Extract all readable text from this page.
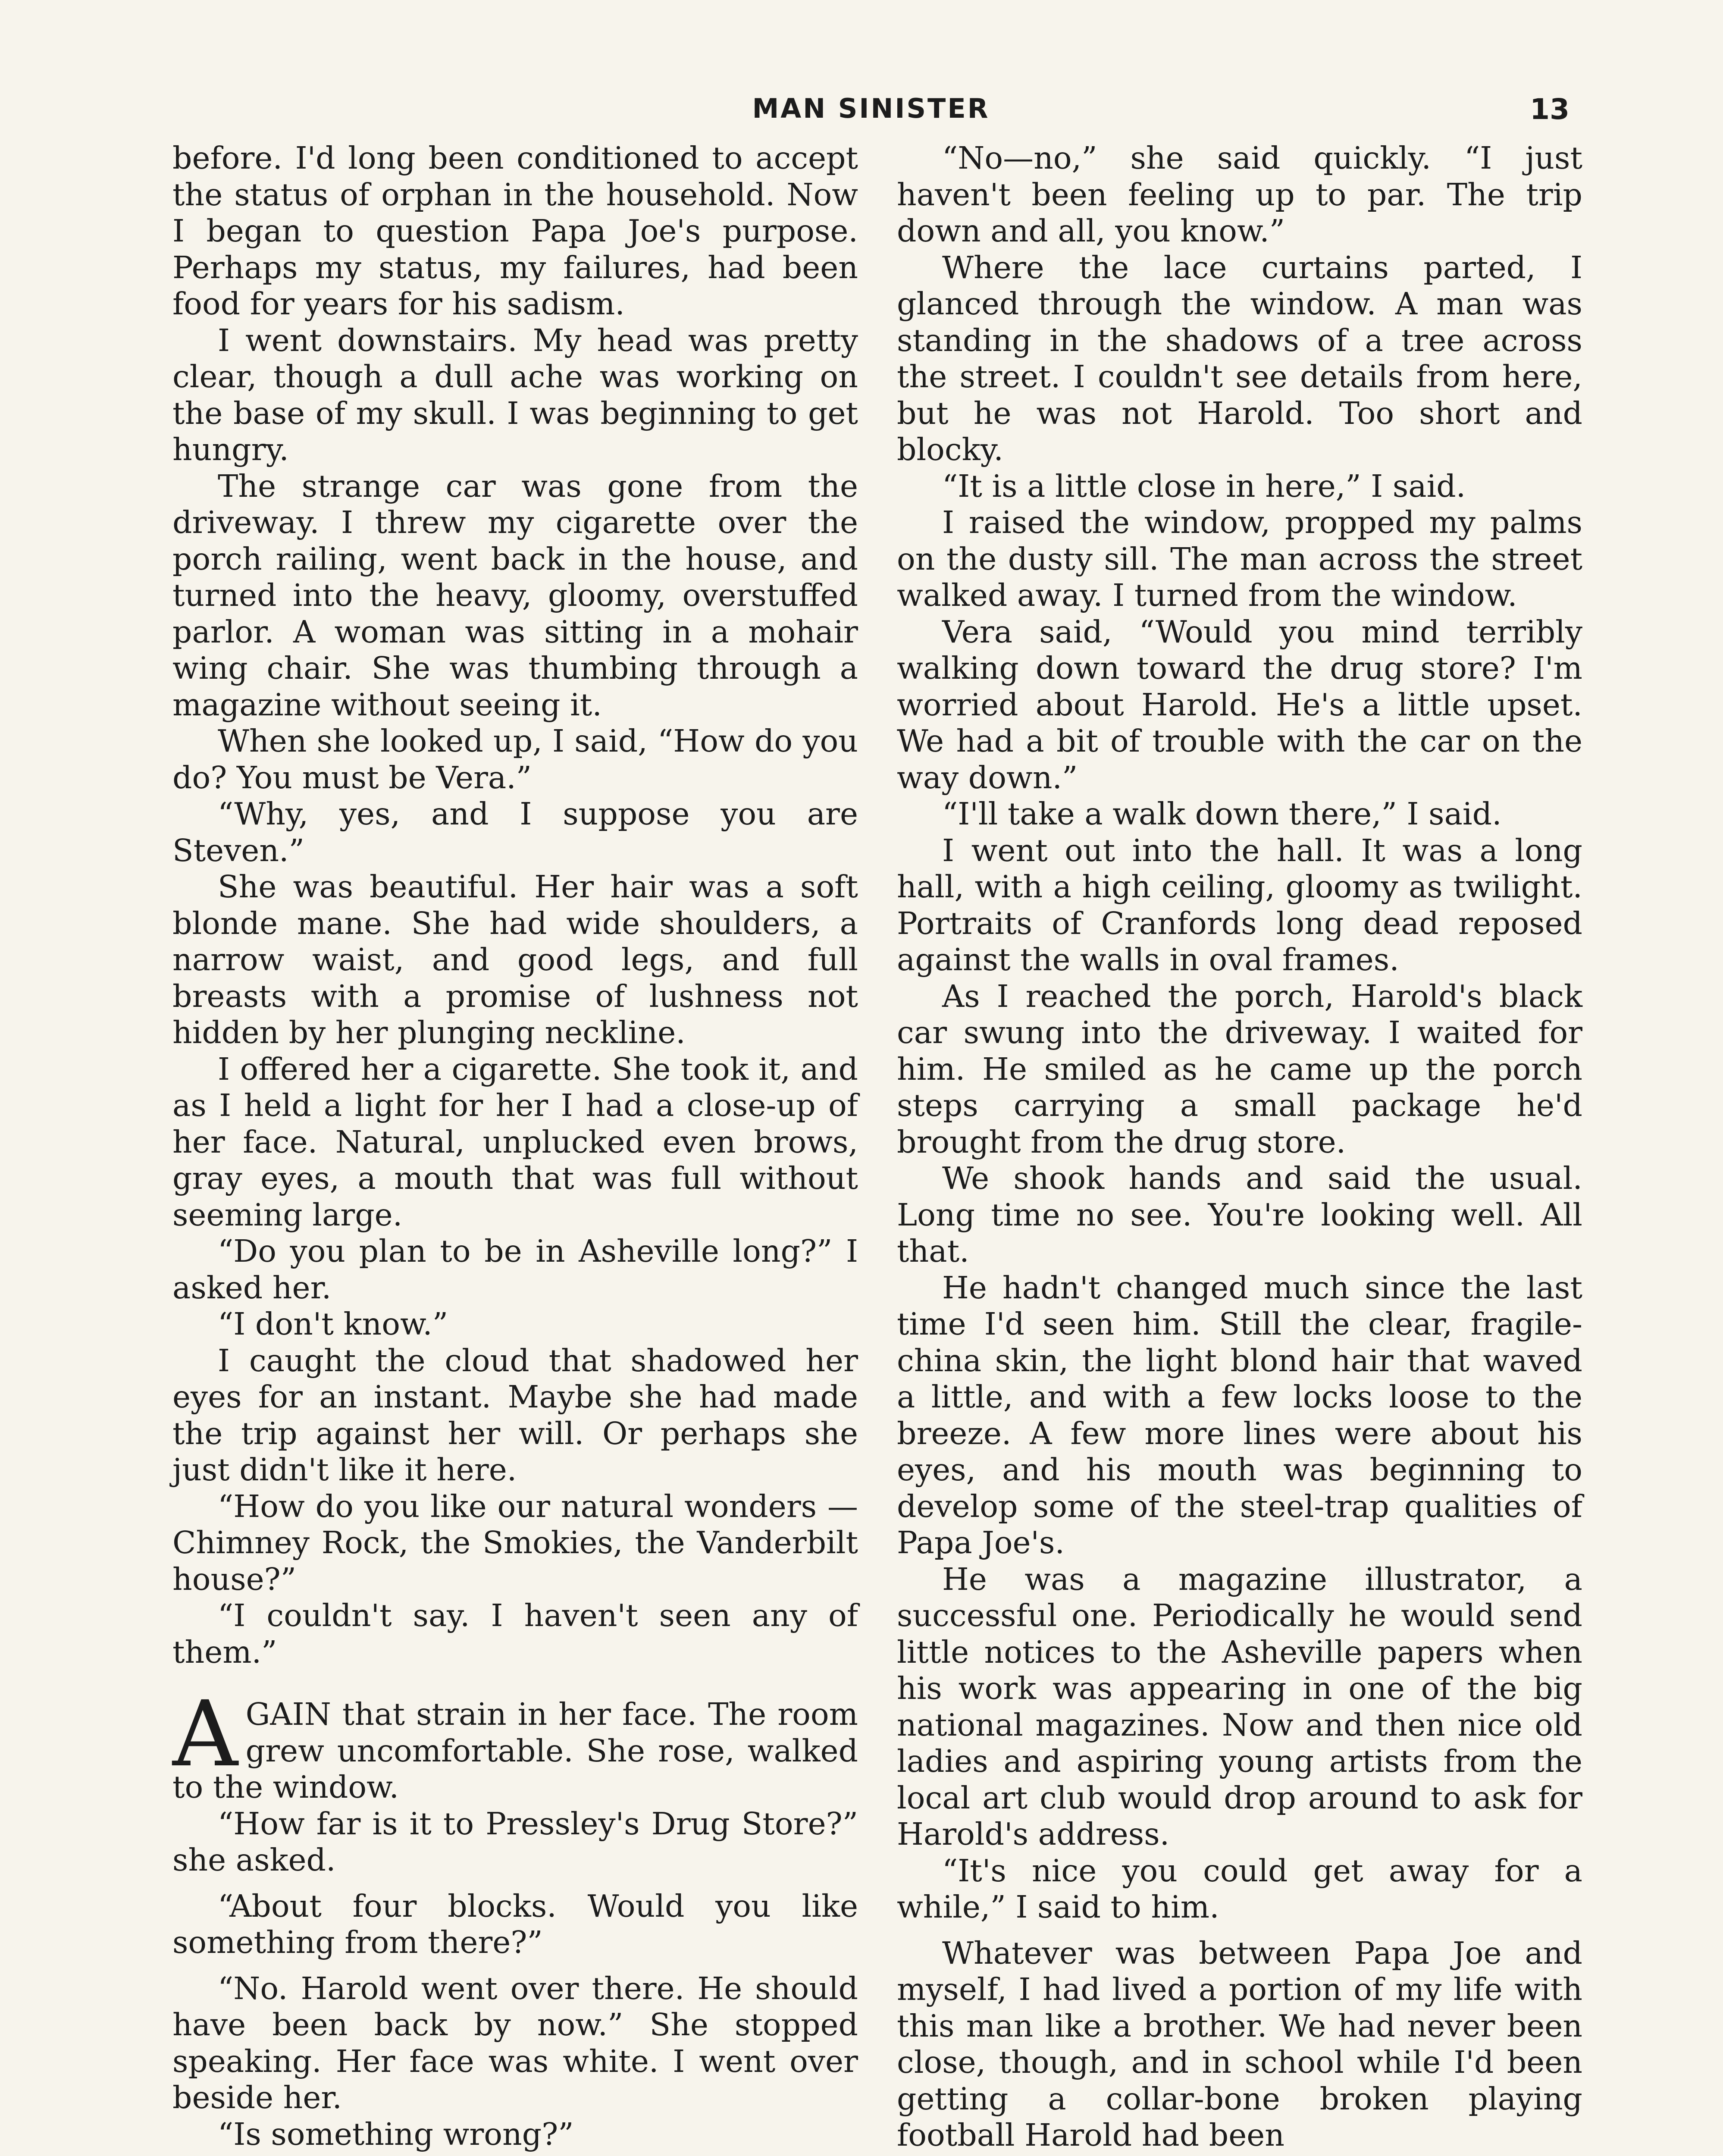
MAN SINISTER	13

before. I'd long been conditioned to accept the status of orphan in the household. Now I began to question Papa Joe's purpose. Perhaps my status, my failures, had been food for years for his sadism.

I went downstairs. My head was pretty clear, though a dull ache was working on the base of my skull. I was beginning to get hungry.

The strange car was gone from the driveway. I threw my cigarette over the porch railing, went back in the house, and turned into the heavy, gloomy, overstuffed parlor. A woman was sitting in a mohair wing chair. She was thumbing through a magazine without seeing it.

When she looked up, I said, “How do you do? You must be Vera.”

“Why, yes, and I suppose you are Steven.”

She was beautiful. Her hair was a soft blonde mane. She had wide shoulders, a narrow waist, and good legs, and full breasts with a promise of lushness not hidden by her plunging neckline.

I offered her a cigarette. She took it, and as I held a light for her I had a close-up of her face. Natural, unplucked even brows, gray eyes, a mouth that was full without seeming large.

“Do you plan to be in Asheville long?” I asked her.

“I don't know.”

I caught the cloud that shadowed her eyes for an instant. Maybe she had made the trip against her will. Or perhaps she just didn't like it here.

“How do you like our natural wonders —Chimney Rock, the Smokies, the Vanderbilt house?”

“I couldn't say. I haven't seen any of them.”

AGAIN that strain in her face. The room grew uncomfortable. She rose, walked to the window.

“How far is it to Pressley's Drug Store?” she asked.

“About four blocks. Would you like something from there?”

“No. Harold went over there. He should have been back by now.” She stopped speaking. Her face was white. I went over beside her.

“Is something wrong?”

“No—no,” she said quickly. “I just haven't been feeling up to par. The trip down and all, you know.”

Where the lace curtains parted, I glanced through the window. A man was standing in the shadows of a tree across the street. I couldn't see details from here, but he was not Harold. Too short and blocky.

“It is a little close in here,” I said.

I raised the window, propped my palms on the dusty sill. The man across the street walked away. I turned from the window.

Vera said, “Would you mind terribly walking down toward the drug store? I'm worried about Harold. He's a little upset. We had a bit of trouble with the car on the way down.”

“I'll take a walk down there,” I said.

I went out into the hall. It was a long hall, with a high ceiling, gloomy as twilight. Portraits of Cranfords long dead reposed against the walls in oval frames.

As I reached the porch, Harold's black car swung into the driveway. I waited for him. He smiled as he came up the porch steps carrying a small package he'd brought from the drug store.

We shook hands and said the usual. Long time no see. You're looking well. All that.

He hadn't changed much since the last time I'd seen him. Still the clear, fragile-china skin, the light blond hair that waved a little, and with a few locks loose to the breeze. A few more lines were about his eyes, and his mouth was beginning to develop some of the steel-trap qualities of Papa Joe's.

He was a magazine illustrator, a successful one. Periodically he would send little notices to the Asheville papers when his work was appearing in one of the big national magazines. Now and then nice old ladies and aspiring young artists from the local art club would drop around to ask for Harold's address.

“It's nice you could get away for a while,” I said to him.

Whatever was between Papa Joe and myself, I had lived a portion of my life with this man like a brother. We had never been close, though, and in school while I'd been getting a collar-bone broken playing football Harold had been
